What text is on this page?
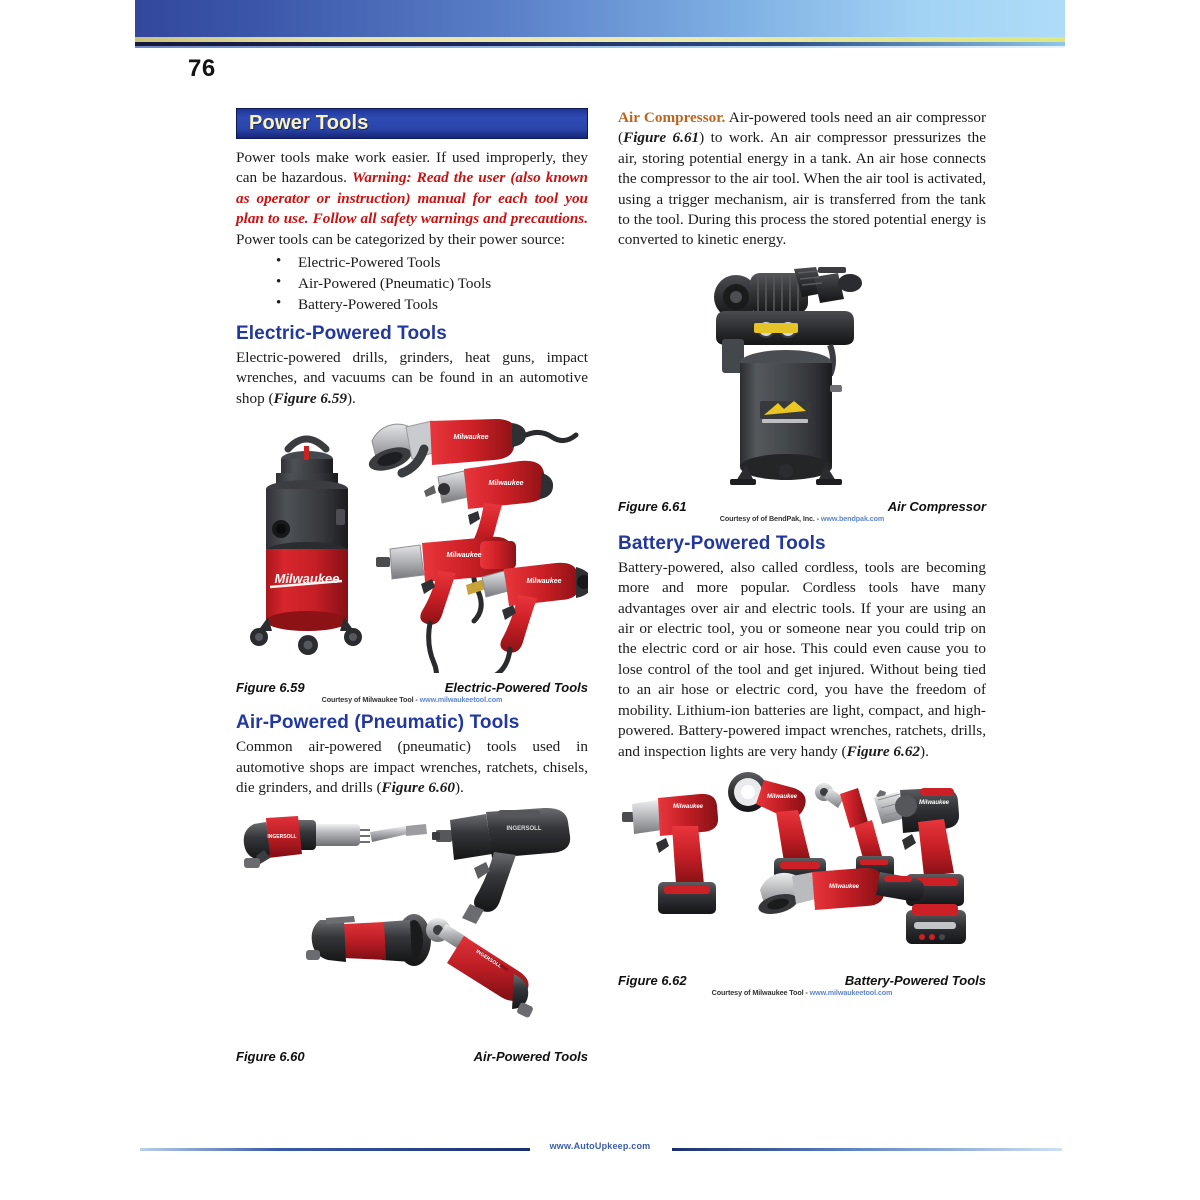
76
Power Tools

Power tools make work easier. If used improperly, they can be hazardous. Warning: Read the user (also known as operator or instruction) manual for each tool you plan to use. Follow all safety warnings and precautions. Power tools can be categorized by their power source:

• Electric-Powered Tools
• Air-Powered (Pneumatic) Tools
• Battery-Powered Tools
Electric-Powered Tools

Electric-powered drills, grinders, heat guns, impact wrenches, and vacuums can be found in an automotive shop (Figure 6.59).

Milwaukee
Milwaukee
Milwaukee
Milwaukee
Milwaukee
Figure 6.59	Electric-Powered Tools
Courtesy of Milwaukee Tool - www.milwaukeetool.com
Air-Powered (Pneumatic) Tools

Common air-powered (pneumatic) tools used in automotive shops are impact wrenches, ratchets, chisels, die grinders, and drills (Figure 6.60).

INGERSOLL
INGERSOLL
INGERSOLL
Figure 6.60	Air-Powered Tools

Air Compressor. Air-powered tools need an air compressor (Figure 6.61) to work. An air compressor pressurizes the air, storing potential energy in a tank. An air hose connects the compressor to the air tool. When the air tool is activated, using a trigger mechanism, air is transferred from the tank to the tool. During this process the stored potential energy is converted to kinetic energy.

Figure 6.61	Air Compressor
Courtesy of of BendPak, Inc. - www.bendpak.com
Battery-Powered Tools

Battery-powered, also called cordless, tools are becoming more and more popular. Cordless tools have many advantages over air and electric tools. If your are using an air or electric tool, you or someone near you could trip on the electric cord or air hose. This could even cause you to lose control of the tool and get injured. Without being tied to an air hose or electric cord, you have the freedom of mobility. Lithium-ion batteries are light, compact, and high-powered. Battery-powered impact wrenches, ratchets, drills, and inspection lights are very handy (Figure 6.62).

Milwaukee
Milwaukee
Milwaukee
Milwaukee
Figure 6.62	Battery-Powered Tools
Courtesy of Milwaukee Tool - www.milwaukeetool.com
www.AutoUpkeep.com
